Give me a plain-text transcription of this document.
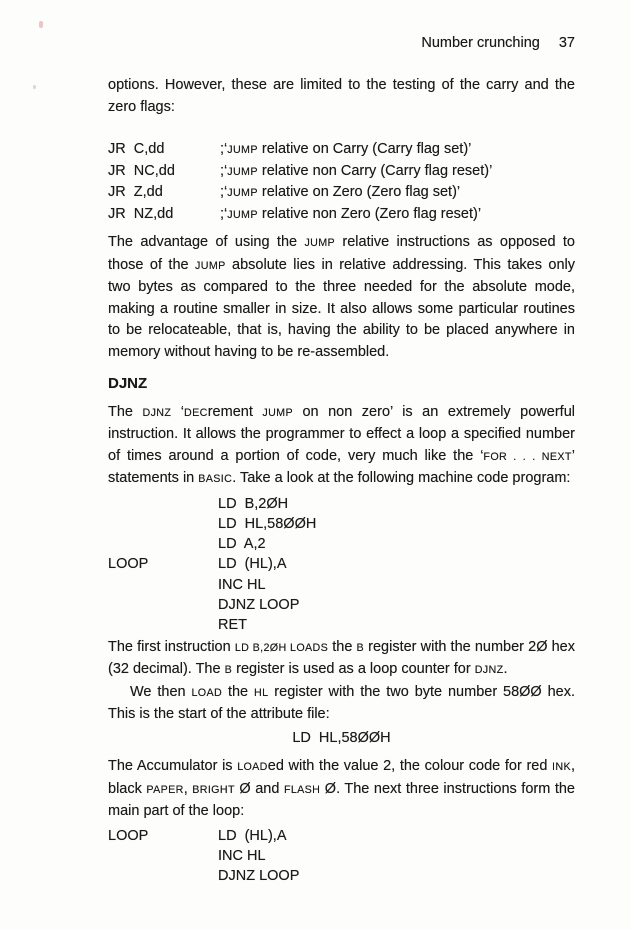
Number crunching 37

options. However, these are limited to the testing of the carry and the zero flags:

JR  C,dd	;‘JUMP relative on Carry (Carry flag set)’
JR  NC,dd	;‘JUMP relative non Carry (Carry flag reset)’
JR  Z,dd	;‘JUMP relative on Zero (Zero flag set)’
JR  NZ,dd	;‘JUMP relative non Zero (Zero flag reset)’

The advantage of using the JUMP relative instructions as opposed to those of the JUMP absolute lies in relative addressing. This takes only two bytes as compared to the three needed for the absolute mode, making a routine smaller in size. It also allows some particular routines to be relocateable, that is, having the ability to be placed anywhere in memory without having to be re-assembled.

DJNZ

The DJNZ ‘DECrement JUMP on non zero’ is an extremely powerful instruction. It allows the programmer to effect a loop a specified number of times around a portion of code, very much like the ‘FOR . . . NEXT’ statements in BASIC. Take a look at the following machine code program:

LD  B,2ØH
LD  HL,58ØØH
LD  A,2
LOOP	LD  (HL),A
INC HL
DJNZ LOOP
RET

The first instruction LD B,2ØH LOADS the B register with the number 2Ø hex (32 decimal). The B register is used as a loop counter for DJNZ.

We then LOAD the HL register with the two byte number 58ØØ hex. This is the start of the attribute file:

LD  HL,58ØØH

The Accumulator is LOADed with the value 2, the colour code for red INK, black PAPER, BRIGHT Ø and FLASH Ø. The next three instructions form the main part of the loop:

LOOP	LD  (HL),A
INC HL
DJNZ LOOP
